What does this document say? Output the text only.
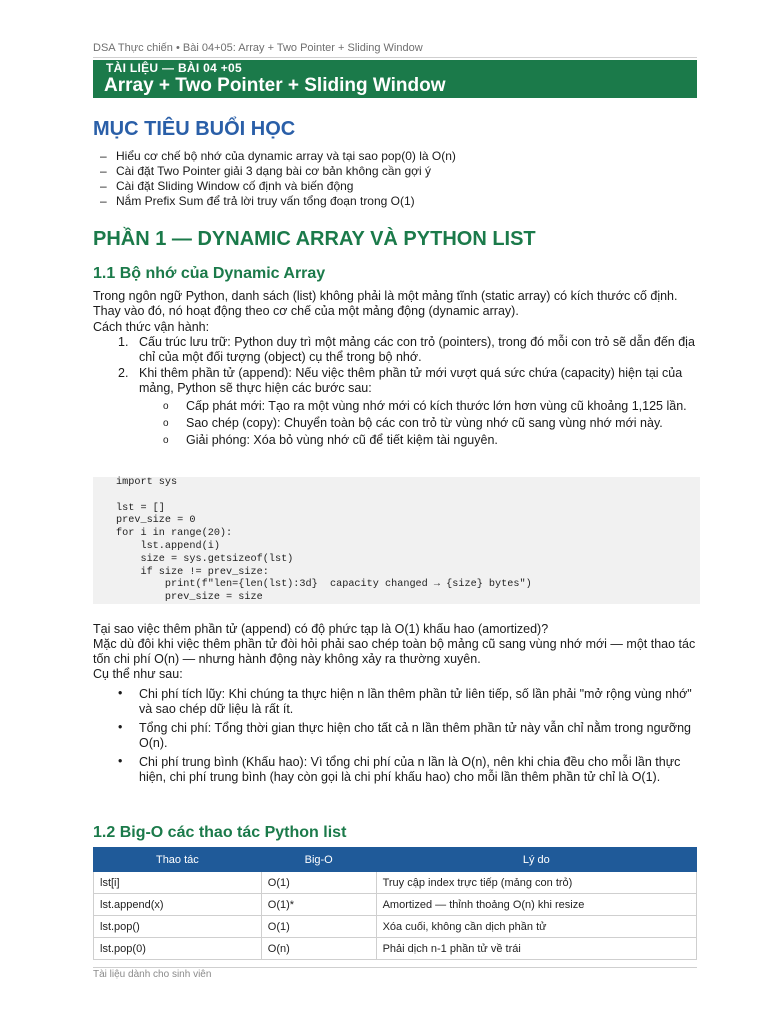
DSA Thực chiến • Bài 04+05: Array + Two Pointer + Sliding Window
TÀI LIỆU — BÀI 04 +05
Array + Two Pointer + Sliding Window
MỤC TIÊU BUỔI HỌC
– Hiểu cơ chế bộ nhớ của dynamic array và tại sao pop(0) là O(n)
– Cài đặt Two Pointer giải 3 dạng bài cơ bản không cần gợi ý
– Cài đặt Sliding Window cố định và biến động
– Nắm Prefix Sum để trả lời truy vấn tổng đoạn trong O(1)
PHẦN 1 — DYNAMIC ARRAY VÀ PYTHON LIST
1.1 Bộ nhớ của Dynamic Array

Trong ngôn ngữ Python, danh sách (list) không phải là một mảng tĩnh (static array) có kích thước cố định. Thay vào đó, nó hoạt động theo cơ chế của một mảng động (dynamic array).

Cách thức vận hành:

1. Cấu trúc lưu trữ: Python duy trì một mảng các con trỏ (pointers), trong đó mỗi con trỏ sẽ dẫn đến địa chỉ của một đối tượng (object) cụ thể trong bộ nhớ.
2. Khi thêm phần tử (append): Nếu việc thêm phần tử mới vượt quá sức chứa (capacity) hiện tại của mảng, Python sẽ thực hiện các bước sau:
o Cấp phát mới: Tạo ra một vùng nhớ mới có kích thước lớn hơn vùng cũ khoảng 1,125 lần.
o Sao chép (copy): Chuyển toàn bộ các con trỏ từ vùng nhớ cũ sang vùng nhớ mới này.
o Giải phóng: Xóa bỏ vùng nhớ cũ để tiết kiệm tài nguyên.
import sys
lst = []
prev_size = 0
for i in range(20):
lst.append(i)
size = sys.getsizeof(lst)
if size != prev_size:
print(f"len={len(lst):3d}  capacity changed → {size} bytes")
prev_size = size
Tại sao việc thêm phần tử (append) có độ phức tạp là O(1) khấu hao (amortized)?
Mặc dù đôi khi việc thêm phần tử đòi hỏi phải sao chép toàn bộ mảng cũ sang vùng nhớ mới — một thao tác tốn chi phí O(n) — nhưng hành động này không xảy ra thường xuyên.
Cụ thể như sau:
• Chi phí tích lũy: Khi chúng ta thực hiện n lần thêm phần tử liên tiếp, số lần phải "mở rộng vùng nhớ" và sao chép dữ liệu là rất ít.
• Tổng chi phí: Tổng thời gian thực hiện cho tất cả n lần thêm phần tử này vẫn chỉ nằm trong ngưỡng O(n).
• Chi phí trung bình (Khấu hao): Vì tổng chi phí của n lần là O(n), nên khi chia đều cho mỗi lần thực hiện, chi phí trung bình (hay còn gọi là chi phí khấu hao) cho mỗi lần thêm phần tử chỉ là O(1).
1.2 Big-O các thao tác Python list
Thao tác	Big-O	Lý do
lst[i]	O(1)	Truy cập index trực tiếp (mảng con trỏ)
lst.append(x)	O(1)*	Amortized — thỉnh thoảng O(n) khi resize
lst.pop()	O(1)	Xóa cuối, không cần dịch phần tử
lst.pop(0)	O(n)	Phải dịch n-1 phần tử về trái
Tài liệu dành cho sinh viên
